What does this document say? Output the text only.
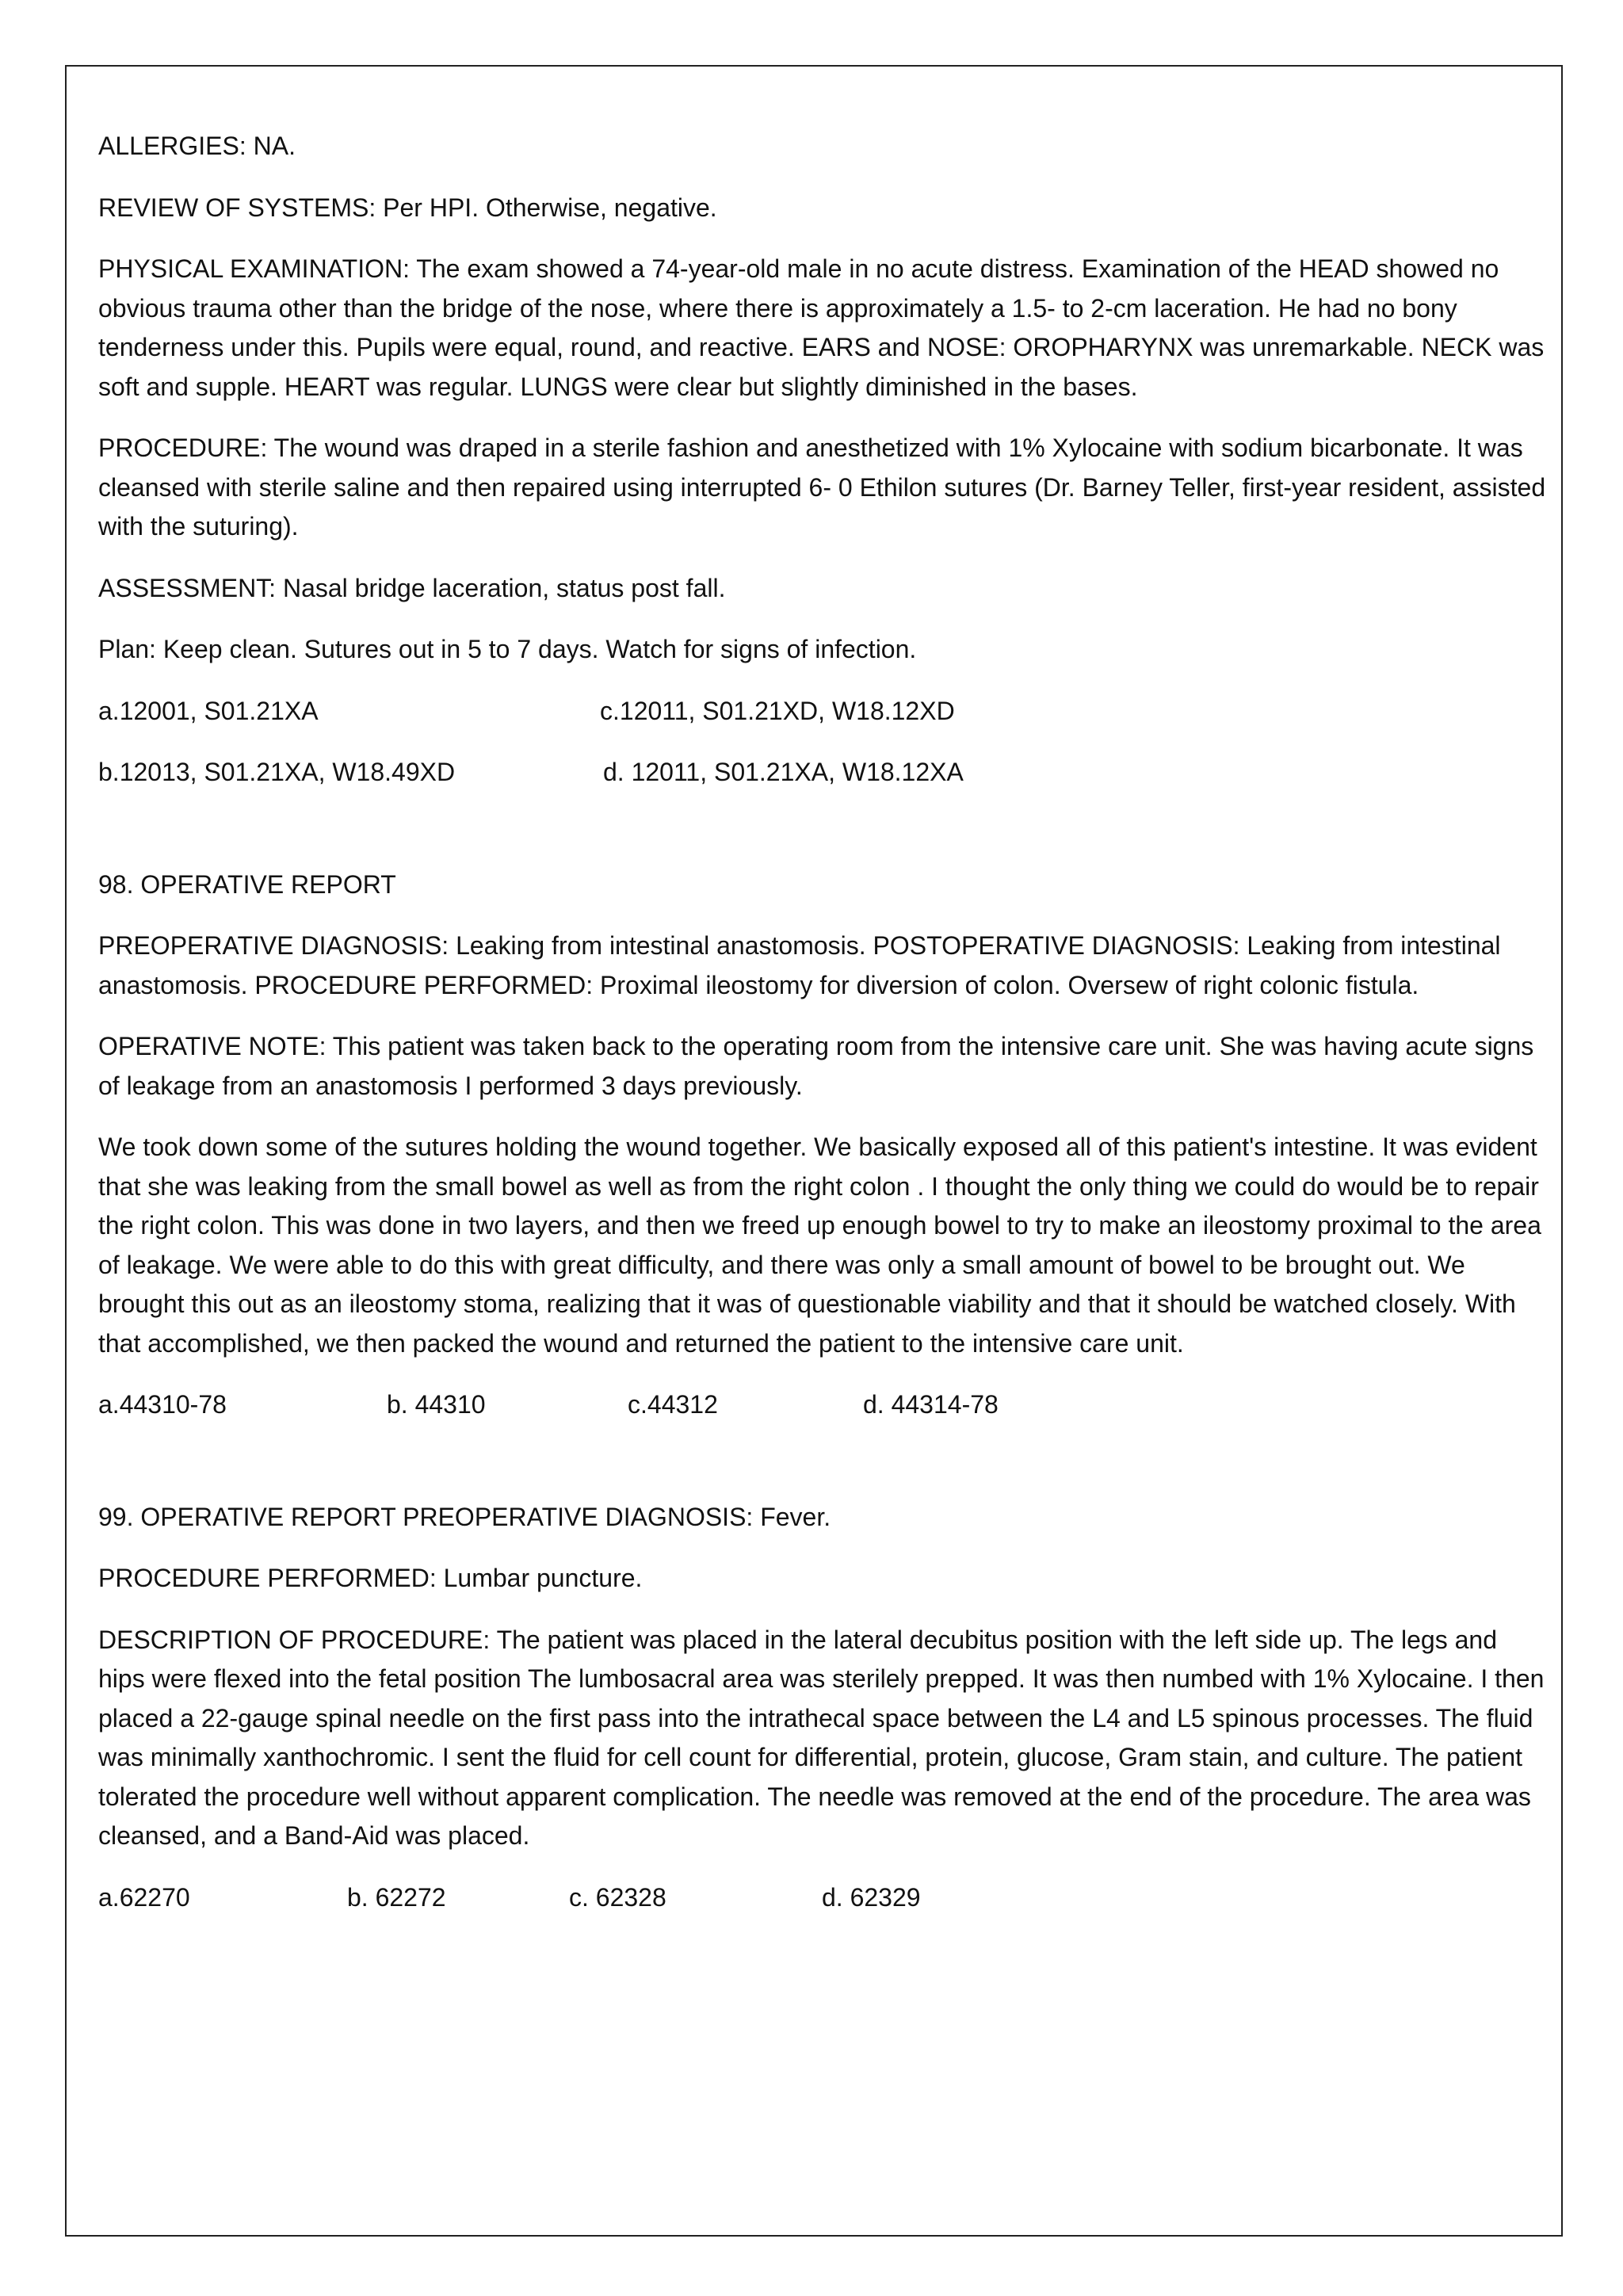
ALLERGIES: NA.

REVIEW OF SYSTEMS: Per HPI. Otherwise, negative.

PHYSICAL EXAMINATION: The exam showed a 74-year-old male in no acute distress. Examination of the HEAD showed no obvious trauma other than the bridge of the nose, where there is approximately a 1.5- to 2-cm laceration. He had no bony tenderness under this. Pupils were equal, round, and reactive. EARS and NOSE: OROPHARYNX was unremarkable. NECK was soft and supple. HEART was regular. LUNGS were clear but slightly diminished in the bases.

PROCEDURE: The wound was draped in a sterile fashion and anesthetized with 1% Xylocaine with sodium bicarbonate. It was cleansed with sterile saline and then repaired using interrupted 6- 0 Ethilon sutures (Dr. Barney Teller, first-year resident, assisted with the suturing).

ASSESSMENT: Nasal bridge laceration, status post fall.

Plan: Keep clean. Sutures out in 5 to 7 days. Watch for signs of infection.

a.12001, S01.21XA	c.12011, S01.21XD, W18.12XD
b.12013, S01.21XA, W18.49XD	d. 12011, S01.21XA, W18.12XA

98. OPERATIVE REPORT

PREOPERATIVE DIAGNOSIS: Leaking from intestinal anastomosis. POSTOPERATIVE DIAGNOSIS: Leaking from intestinal anastomosis. PROCEDURE PERFORMED: Proximal ileostomy for diversion of colon. Oversew of right colonic fistula.

OPERATIVE NOTE: This patient was taken back to the operating room from the intensive care unit. She was having acute signs of leakage from an anastomosis I performed 3 days previously.

We took down some of the sutures holding the wound together. We basically exposed all of this patient's intestine. It was evident that she was leaking from the small bowel as well as from the right colon . I thought the only thing we could do would be to repair the right colon. This was done in two layers, and then we freed up enough bowel to try to make an ileostomy proximal to the area of leakage. We were able to do this with great difficulty, and there was only a small amount of bowel to be brought out. We brought this out as an ileostomy stoma, realizing that it was of questionable viability and that it should be watched closely. With that accomplished, we then packed the wound and returned the patient to the intensive care unit.

a.44310-78	b. 44310	c.44312	d. 44314-78

99. OPERATIVE REPORT PREOPERATIVE DIAGNOSIS: Fever.

PROCEDURE PERFORMED: Lumbar puncture.

DESCRIPTION OF PROCEDURE: The patient was placed in the lateral decubitus position with the left side up. The legs and hips were flexed into the fetal position The lumbosacral area was sterilely prepped. It was then numbed with 1% Xylocaine. I then placed a 22-gauge spinal needle on the first pass into the intrathecal space between the L4 and L5 spinous processes. The fluid was minimally xanthochromic. I sent the fluid for cell count for differential, protein, glucose, Gram stain, and culture. The patient tolerated the procedure well without apparent complication. The needle was removed at the end of the procedure. The area was cleansed, and a Band-Aid was placed.

a.62270	b. 62272	c. 62328	d. 62329
